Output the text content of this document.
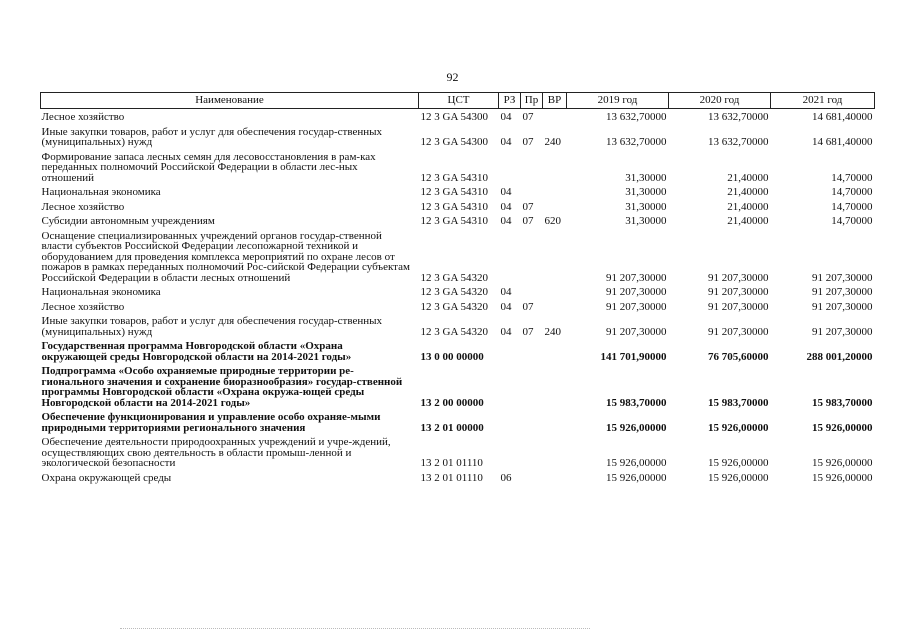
92
Наименование	ЦСТ	РЗ	Пр	ВР	2019 год	2020 год	2021 год
Лесное хозяйство	12 3 GA 54300	04	07		13 632,70000	13 632,70000	14 681,40000
Иные закупки товаров, работ и услуг для обеспечения государ-ственных (муниципальных) нужд	12 3 GA 54300	04	07	240	13 632,70000	13 632,70000	14 681,40000
Формирование запаса лесных семян для лесовосстановления в рам-ках переданных полномочий Российской Федерации в области лес-ных отношений	12 3 GA 54310				31,30000	21,40000	14,70000
Национальная экономика	12 3 GA 54310	04			31,30000	21,40000	14,70000
Лесное хозяйство	12 3 GA 54310	04	07		31,30000	21,40000	14,70000
Субсидии автономным учреждениям	12 3 GA 54310	04	07	620	31,30000	21,40000	14,70000
Оснащение специализированных учреждений органов государ-ственной власти субъектов Российской Федерации лесопожарной техникой и оборудованием для проведения комплекса мероприятий по охране лесов от пожаров в рамках переданных полномочий Рос-сийской Федерации субъектам Российской Федерации в области лесных отношений	12 3 GA 54320				91 207,30000	91 207,30000	91 207,30000
Национальная экономика	12 3 GA 54320	04			91 207,30000	91 207,30000	91 207,30000
Лесное хозяйство	12 3 GA 54320	04	07		91 207,30000	91 207,30000	91 207,30000
Иные закупки товаров, работ и услуг для обеспечения государ-ственных (муниципальных) нужд	12 3 GA 54320	04	07	240	91 207,30000	91 207,30000	91 207,30000
Государственная программа Новгородской области «Охрана окружающей среды Новгородской области на 2014-2021 годы»	13 0 00 00000				141 701,90000	76 705,60000	288 001,20000
Подпрограмма «Особо охраняемые природные территории ре-гионального значения и сохранение биоразнообразия» государ-ственной программы Новгородской области «Охрана окружа-ющей среды Новгородской области на 2014-2021 годы»	13 2 00 00000				15 983,70000	15 983,70000	15 983,70000
Обеспечение функционирования и управление особо охраняе-мыми природными территориями регионального значения	13 2 01 00000				15 926,00000	15 926,00000	15 926,00000
Обеспечение деятельности природоохранных учреждений и учре-ждений, осуществляющих свою деятельность в области промыш-ленной и экологической безопасности	13 2 01 01110				15 926,00000	15 926,00000	15 926,00000
Охрана окружающей среды	13 2 01 01110	06			15 926,00000	15 926,00000	15 926,00000
